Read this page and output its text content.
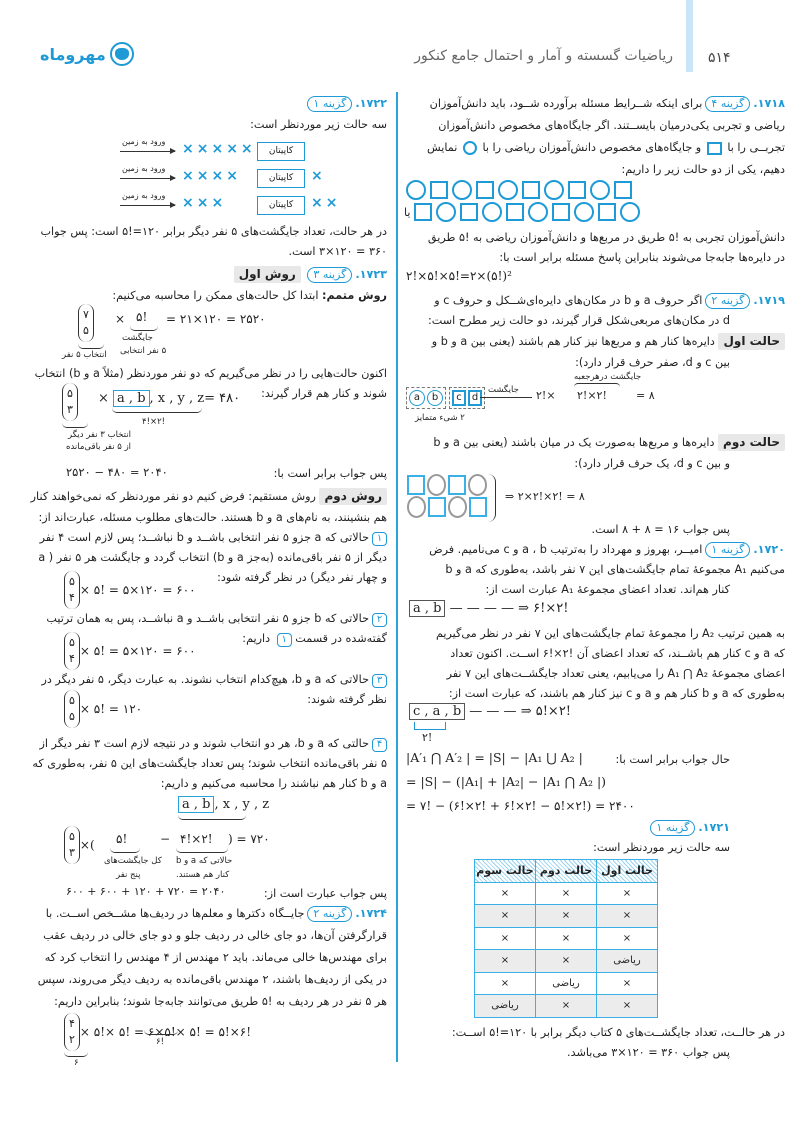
۵۱۴
ریاضیات گسسته و آمار و احتمال جامع کنکور
مهروماه
۱۷۱۸.گزینه ۴برای اینکه شــرایط مسئله برآورده شــود، باید دانش‌آموزان
ریاضی و تجربی یکی‌درمیان بایســتند. اگر جایگاه‌های مخصوص دانش‌آموزان
تجربــی را با  و جایگاه‌های مخصوص دانش‌آموزان ریاضی را با  نمایش
دهیم، یکی از دو حالت زیر را داریم:
یا
دانش‌آموزان تجربی به !۵ طریق در مربع‌ها و دانش‌آموزان ریاضی به !۵ طریق
در دایره‌ها جابه‌جا می‌شوند بنابراین پاسخ مسئله برابر است با:
۲!×۵!×۵!=۲×(۵!)²
۱۷۱۹.گزینه ۲اگر حروف a و b در مکان‌های دایره‌ای‌شــکل و حروف c و
d در مکان‌های مربعی‌شکل قرار گیرند، دو حالت زیر مطرح است:
حالت اول دایره‌ها کنار هم و مربع‌ها نیز کنار هم باشند (یعنی بین a و b و
بین c و d، صفر حرف قرار دارد):
a	b	c	d
۲ شیء متمایز
جایگشت ۲!×
جایگشت درهرجعبه
۲!×۲!	= ۸
حالت دوم دایره‌ها و مربع‌ها به‌صورت یک در میان باشند (یعنی بین a و b
و بین c و d، یک حرف قرار دارد):
⇒ ۲×۲!×۲! = ۸
پس جواب ۱۶ = ۸ + ۸ است.
۱۷۲۰.گزینه ۱امیــر، بهروز و مهرداد را به‌ترتیب a ، b و c می‌نامیم. فرض
می‌کنیم A₁ مجموعهٔ تمام جایگشت‌های این ۷ نفر باشد، به‌طوری که a و b
کنار هم‌اند. تعداد اعضای مجموعهٔ A₁ عبارت است از:
a , b — — — — ⇒ ۶!×۲!
به همین ترتیب A₂ را مجموعهٔ تمام جایگشت‌های این ۷ نفر در نظر می‌گیریم
که a و c کنار هم باشــند، که تعداد اعضای آن !۲×!۶ اســت. اکنون تعداد
اعضای مجموعهٔ A₁ ⋂ A₂ را می‌یابیم، یعنی تعداد جایگشــت‌های این ۷ نفر
به‌طوری که a و b کنار هم و a و c نیز کنار هم باشند، که عبارت است از:
c , a , b — — — ⇒ ۵!×۲!
۲!
حال جواب برابر است با:
|A′₁ ⋂ A′₂ | = |S| − |A₁ ⋃ A₂ |
= |S| − (|A₁| + |A₂| − |A₁ ⋂ A₂ |)
= ۷! − (۶!×۲! + ۶!×۲! − ۵!×۲!) = ۲۴۰۰
۱۷۲۱.گزینه ۱
سه حالت زیر موردنظر است:
حالت اول	حالت دوم	حالت سوم
×	×	×
×	×	×
×	×	×
ریاضی	×	×
×	ریاضی	×
×	×	ریاضی
در هر حالــت، تعداد جایگشــت‌های ۵ کتاب دیگر برابر با ۱۲۰=!۵ اســت:
پس جواب ۳۶۰ = ۱۲۰×۳ می‌باشد.
۱۷۲۲.گزینه ۱
سه حالت زیر موردنظر است:
ورود به زمین ×××××	کاپیتان
ورود به زمین ××××	کاپیتان	×
ورود به زمین ×××	کاپیتان	××
در هر حالت، تعداد جایگشت‌های ۵ نفر دیگر برابر ۱۲۰=!۵ است: پس جواب
۳۶۰ = ۱۲۰×۳ است.
۱۷۲۳.گزینه ۳ روش اول
روش متمم: ابتدا کل حالت‌های ممکن را محاسبه می‌کنیم:
۷
۵
انتخاب ۵ نفر
× ۵!
جایگشت
۵ نفر انتخابی
= ۲۱×۱۲۰ = ۲۵۲۰
اکنون حالت‌هایی را در نظر می‌گیریم که دو نفر موردنظر (مثلاً a و b) انتخاب
شوند و کنار هم قرار گیرند:
۵
۳
انتخاب ۳ نفر دیگر
از ۵ نفر باقی‌مانده
× a , b , x , y , z= ۴۸۰
۴!×۲!
پس جواب برابر است با:
۲۵۲۰ − ۴۸۰ = ۲۰۴۰
روش دوم روش مستقیم: فرض کنیم دو نفر موردنظر که نمی‌خواهند کنار
هم بنشینند، به نام‌های a و b هستند. حالت‌های مطلوب مسئله، عبارت‌اند از:
۱حالاتی که a جزو ۵ نفر انتخابی باشــد و b نباشــد؛ پس لازم است ۴ نفر
دیگر از ۵ نفر باقی‌مانده (به‌جز a و b) انتخاب گردد و جایگشت هر ۵ نفر ( a
و چهار نفر دیگر) در نظر گرفته شود:
۵
۴
× ۵! = ۵×۱۲۰ = ۶۰۰
۲حالاتی که b جزو ۵ نفر انتخابی باشــد و a نباشــد، پس به همان ترتیب
گفته‌شده در قسمت ۱ داریم:
۵
۴
× ۵! = ۵×۱۲۰ = ۶۰۰
۳حالاتی که a و b، هیچ‌کدام انتخاب نشوند. به عبارت دیگر، ۵ نفر دیگر در
نظر گرفته شوند:
۵
۵
× ۵! = ۱۲۰
۴حالتی که a و b، هر دو انتخاب شوند و در نتیجه لازم است ۳ نفر دیگر از
۵ نفر باقی‌مانده انتخاب شوند؛ پس تعداد جایگشت‌های این ۵ نفر، به‌طوری که
a و b کنار هم نباشند را محاسبه می‌کنیم و داریم:
a , b , x , y , z
۵
۳
×( ۵!
کل جایگشت‌های
پنج نفر
− ۴!×۲!
حالاتی که a و b
کنار هم هستند.
) = ۷۲۰
پس جواب عبارت است از:
۶۰۰ + ۶۰۰ + ۱۲۰ + ۷۲۰ = ۲۰۴۰
۱۷۲۴.گزینه ۲جایــگاه دکترها و معلم‌ها در ردیف‌ها مشــخص اســت. با
قرارگرفتن آن‌ها، دو جای خالی در ردیف جلو و دو جای خالی در ردیف عقب
برای مهندس‌ها خالی می‌ماند. باید ۲ مهندس از ۴ مهندس را انتخاب کرد که
در یکی از ردیف‌ها باشند، ۲ مهندس باقی‌مانده به ردیف دیگر می‌روند، سپس
هر ۵ نفر در هر ردیف به !۵ طریق می‌توانند جابه‌جا شوند؛ بنابراین داریم:
۴
۲
× ۵!× ۵! = ۶×۵!× ۵! = ۵!×۶!
۶
۶!
